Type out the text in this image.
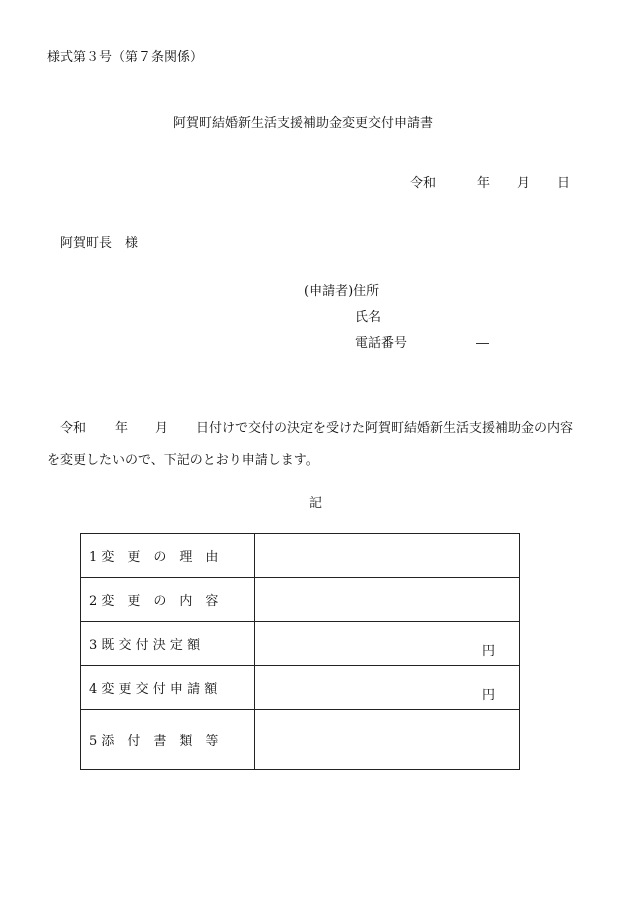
様式第３号（第７条関係）
阿賀町結婚新生活支援補助金変更交付申請書
令和	年 月 日
阿賀町長　様
(申請者)住所
氏名
電話番号	―
令和 年 月 日付けで交付の決定を受けた阿賀町結婚新生活支援補助金の内容
を変更したいので、下記のとおり申請します。
記
1 変　更　の　理　由	
2 変　更　の　内　容	
3 既 交 付 決 定 額	円

4 変 更 交 付 申 請 額	円

5 添　付　書　類　等	
